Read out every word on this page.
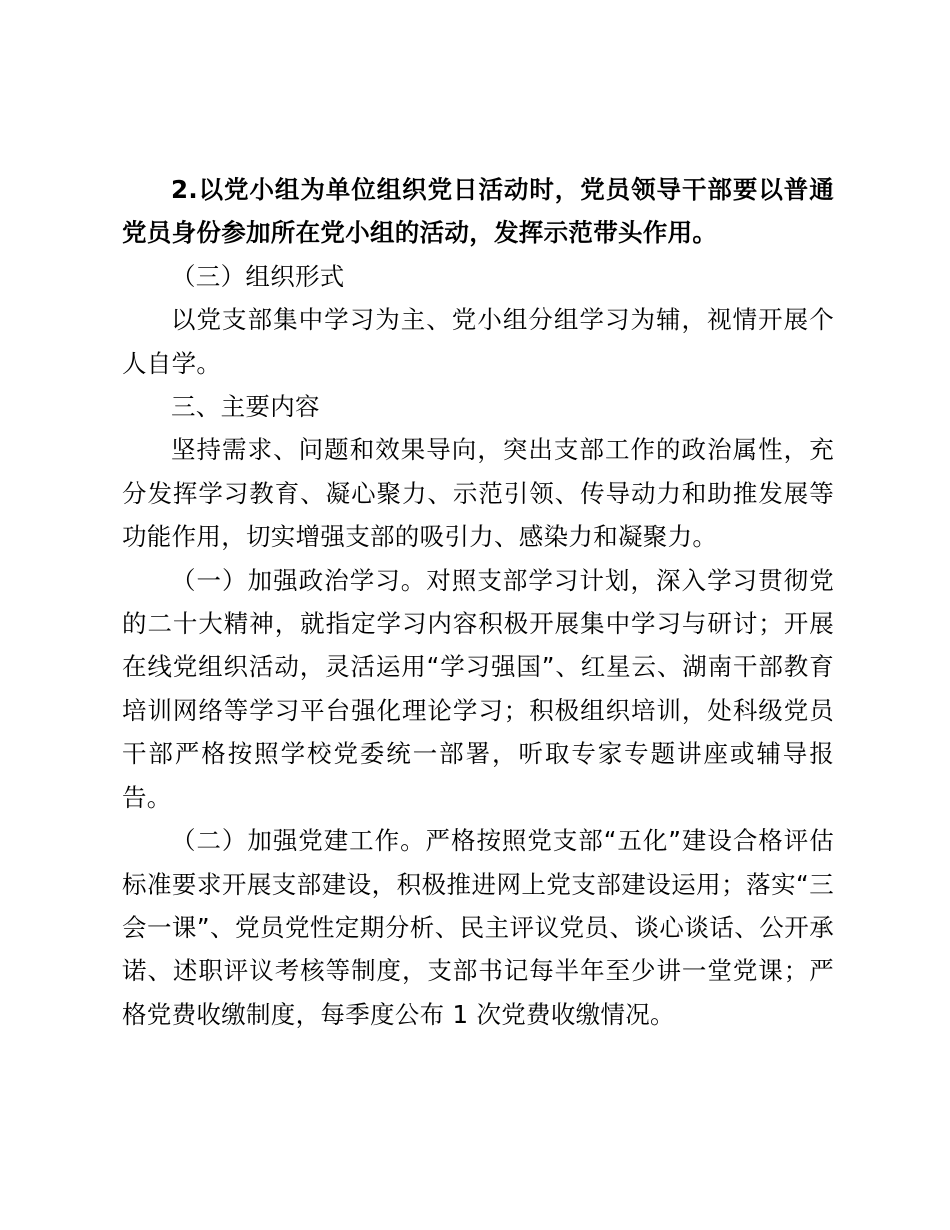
2.以党小组为单位组织党日活动时，党员领导干部要以普通党员身份参加所在党小组的活动，发挥示范带头作用。

（三）组织形式

以党支部集中学习为主、党小组分组学习为辅，视情开展个人自学。

三、主要内容

坚持需求、问题和效果导向，突出支部工作的政治属性，充分发挥学习教育、凝心聚力、示范引领、传导动力和助推发展等功能作用，切实增强支部的吸引力、感染力和凝聚力。

（一）加强政治学习。对照支部学习计划，深入学习贯彻党的二十大精神，就指定学习内容积极开展集中学习与研讨；开展在线党组织活动，灵活运用“学习强国”、红星云、湖南干部教育培训网络等学习平台强化理论学习；积极组织培训，处科级党员干部严格按照学校党委统一部署，听取专家专题讲座或辅导报告。

（二）加强党建工作。严格按照党支部“五化”建设合格评估标准要求开展支部建设，积极推进网上党支部建设运用；落实“三会一课”、党员党性定期分析、民主评议党员、谈心谈话、公开承诺、述职评议考核等制度，支部书记每半年至少讲一堂党课；严格党费收缴制度，每季度公布 1 次党费收缴情况。
